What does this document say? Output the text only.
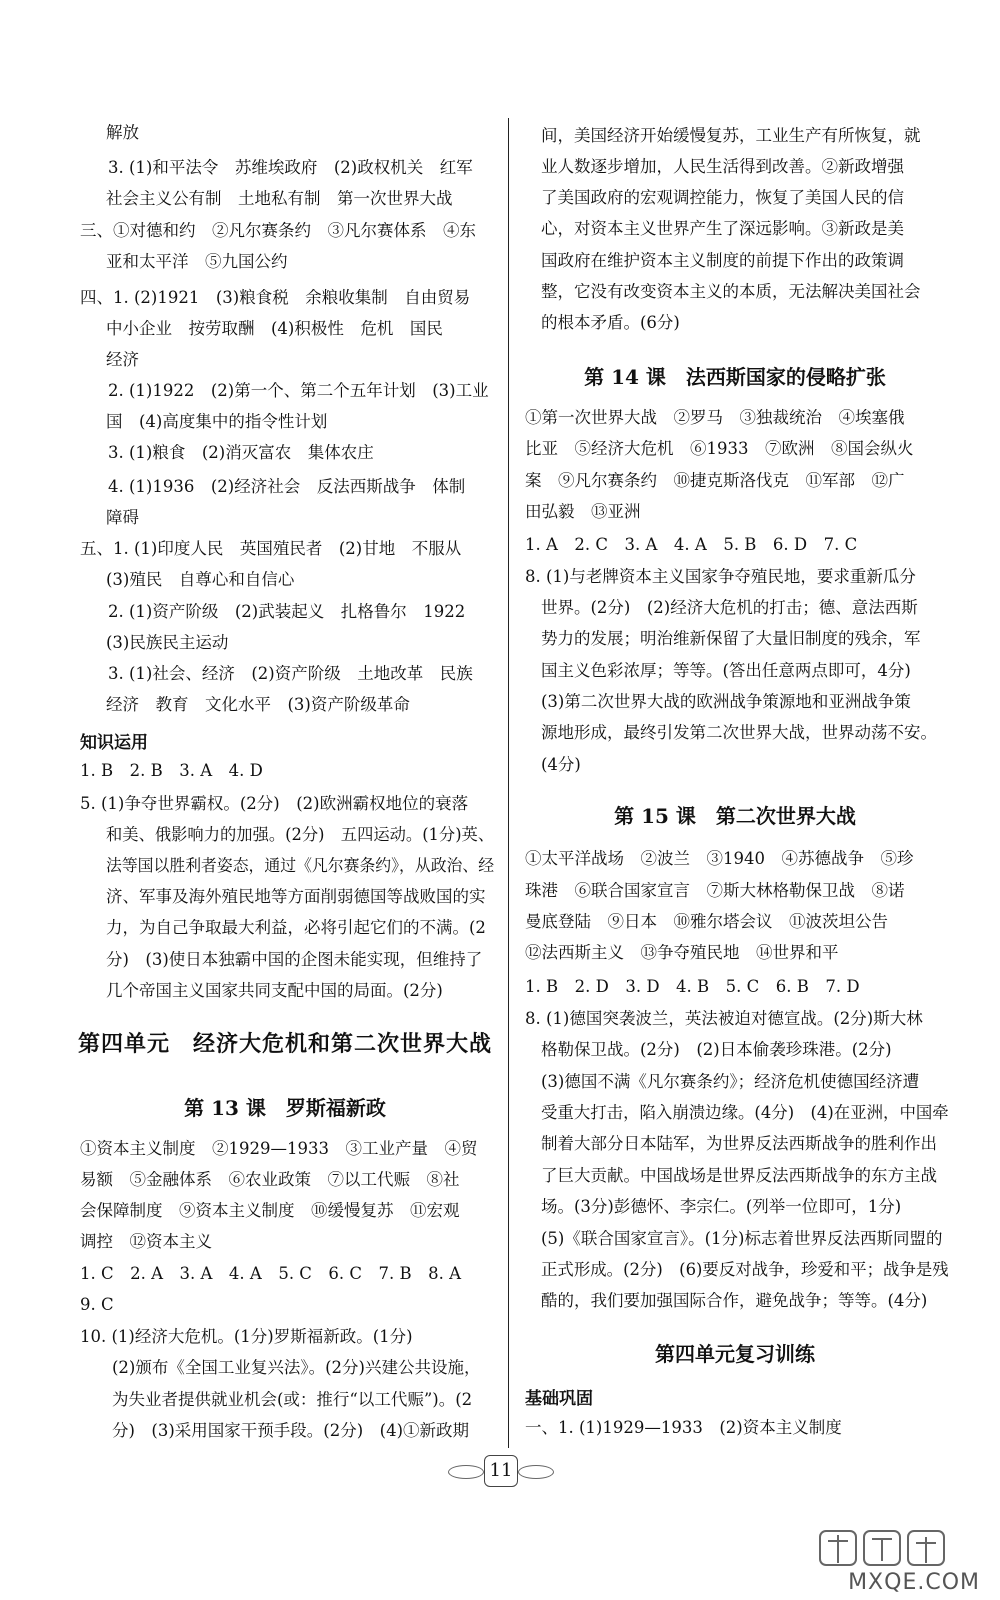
解放
3. (1)和平法令　苏维埃政府　(2)政权机关　红军
社会主义公有制　土地私有制　第一次世界大战
三、①对德和约　②凡尔赛条约　③凡尔赛体系　④东
亚和太平洋　⑤九国公约
四、1. (2)1921　(3)粮食税　余粮收集制　自由贸易
中小企业　按劳取酬　(4)积极性　危机　国民
经济
2. (1)1922　(2)第一个、第二个五年计划　(3)工业
国　(4)高度集中的指令性计划
3. (1)粮食　(2)消灭富农　集体农庄
4. (1)1936　(2)经济社会　反法西斯战争　体制
障碍
五、1. (1)印度人民　英国殖民者　(2)甘地　不服从
(3)殖民　自尊心和自信心
2. (1)资产阶级　(2)武装起义　扎格鲁尔　1922
(3)民族民主运动
3. (1)社会、经济　(2)资产阶级　土地改革　民族
经济　教育　文化水平　(3)资产阶级革命
知识运用
1. B　2. B　3. A　4. D
5. (1)争夺世界霸权。(2分)　(2)欧洲霸权地位的衰落
和美、俄影响力的加强。(2分)　五四运动。(1分)英、
法等国以胜利者姿态，通过《凡尔赛条约》，从政治、经
济、军事及海外殖民地等方面削弱德国等战败国的实
力，为自己争取最大利益，必将引起它们的不满。(2
分)　(3)使日本独霸中国的企图未能实现，但维持了
几个帝国主义国家共同支配中国的局面。(2分)
第四单元　经济大危机和第二次世界大战
第 13 课　罗斯福新政
①资本主义制度　②1929—1933　③工业产量　④贸
易额　⑤金融体系　⑥农业政策　⑦以工代赈　⑧社
会保障制度　⑨资本主义制度　⑩缓慢复苏　⑪宏观
调控　⑫资本主义
1. C　2. A　3. A　4. A　5. C　6. C　7. B　8. A
9. C
10. (1)经济大危机。(1分)罗斯福新政。(1分)
(2)颁布《全国工业复兴法》。(2分)兴建公共设施，
为失业者提供就业机会(或：推行“以工代赈”)。(2
分)　(3)采用国家干预手段。(2分)　(4)①新政期
间，美国经济开始缓慢复苏，工业生产有所恢复，就
业人数逐步增加，人民生活得到改善。②新政增强
了美国政府的宏观调控能力，恢复了美国人民的信
心，对资本主义世界产生了深远影响。③新政是美
国政府在维护资本主义制度的前提下作出的政策调
整，它没有改变资本主义的本质，无法解决美国社会
的根本矛盾。(6分)
第 14 课　法西斯国家的侵略扩张
①第一次世界大战　②罗马　③独裁统治　④埃塞俄
比亚　⑤经济大危机　⑥1933　⑦欧洲　⑧国会纵火
案　⑨凡尔赛条约　⑩捷克斯洛伐克　⑪军部　⑫广
田弘毅　⑬亚洲
1. A　2. C　3. A　4. A　5. B　6. D　7. C
8. (1)与老牌资本主义国家争夺殖民地，要求重新瓜分
世界。(2分)　(2)经济大危机的打击；德、意法西斯
势力的发展；明治维新保留了大量旧制度的残余，军
国主义色彩浓厚；等等。(答出任意两点即可，4分)
(3)第二次世界大战的欧洲战争策源地和亚洲战争策
源地形成，最终引发第二次世界大战，世界动荡不安。
(4分)
第 15 课　第二次世界大战
①太平洋战场　②波兰　③1940　④苏德战争　⑤珍
珠港　⑥联合国家宣言　⑦斯大林格勒保卫战　⑧诺
曼底登陆　⑨日本　⑩雅尔塔会议　⑪波茨坦公告
⑫法西斯主义　⑬争夺殖民地　⑭世界和平
1. B　2. D　3. D　4. B　5. C　6. B　7. D
8. (1)德国突袭波兰，英法被迫对德宣战。(2分)斯大林
格勒保卫战。(2分)　(2)日本偷袭珍珠港。(2分)
(3)德国不满《凡尔赛条约》；经济危机使德国经济遭
受重大打击，陷入崩溃边缘。(4分)　(4)在亚洲，中国牵
制着大部分日本陆军，为世界反法西斯战争的胜利作出
了巨大贡献。中国战场是世界反法西斯战争的东方主战
场。(3分)彭德怀、李宗仁。(列举一位即可，1分)
(5)《联合国家宣言》。(1分)标志着世界反法西斯同盟的
正式形成。(2分)　(6)要反对战争，珍爱和平；战争是残
酷的，我们要加强国际合作，避免战争；等等。(4分)
第四单元复习训练
基础巩固
一、1. (1)1929—1933　(2)资本主义制度
11
MXQE.COM
